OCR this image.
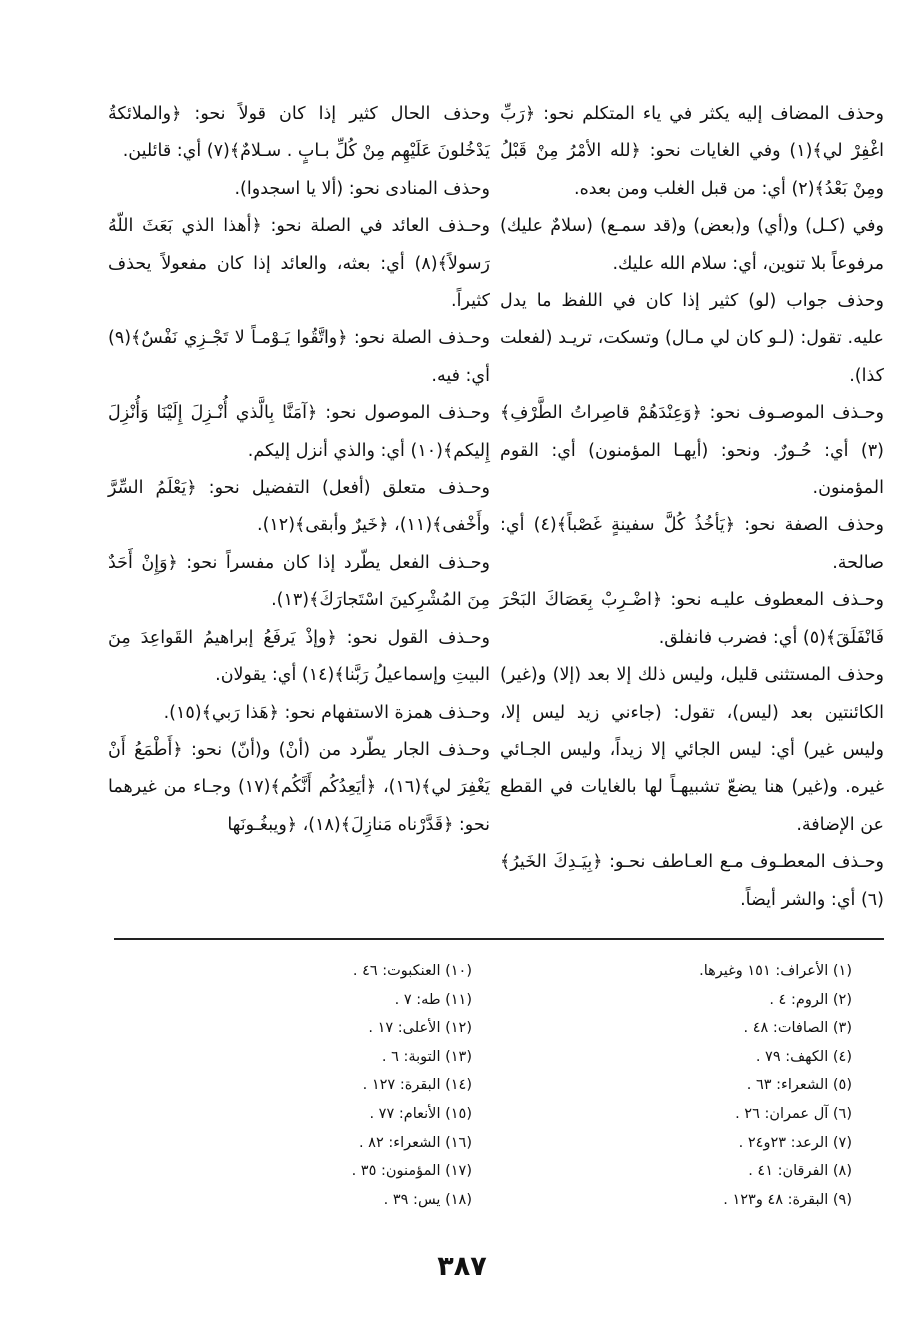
وحذف المضاف إليه يكثر في ياء المتكلم نحو: ﴿رَبِّ اغْفِرْ لي﴾(١) وفي الغايات نحو: ﴿لله الأمْرُ مِنْ قَبْلُ ومِنْ بَعْدُ﴾(٢) أي: من قبل الغلب ومن بعده.

وفي (كـل) و(أي) و(بعض) و(قد سمـع) (سلامٌ عليك) مرفوعاً بلا تنوين، أي: سلام الله عليك.

وحذف جواب (لو) كثير إذا كان في اللفظ ما يدل عليه. تقول: (لـو كان لي مـال) وتسكت، تريـد (لفعلت كذا).

وحـذف الموصـوف نحو: ﴿وَعِنْدَهُمْ قاصِراتُ الطَّرْفِ﴾(٣) أي: حُـورٌ. ونحو: (أيهـا المؤمنون) أي: القوم المؤمنون.

وحذف الصفة نحو: ﴿يَأخُذُ كُلَّ سفينةٍ غَصْباً﴾(٤) أي: صالحة.

وحـذف المعطوف عليـه نحو: ﴿اضْـرِبْ بِعَصَاكَ البَحْرَ فَانْفَلَقَ﴾(٥) أي: فضرب فانفلق.

وحذف المستثنى قليل، وليس ذلك إلا بعد (إلا) و(غير) الكائنتين بعد (ليس)، تقول: (جاءني زيد ليس إلا، وليس غير) أي: ليس الجائي إلا زيداً، وليس الجـائي غيره. و(غير) هنا يضعّ تشبيهـاً لها بالغايات في القطع عن الإضافة.

وحـذف المعطـوف مـع العـاطف نحـو: ﴿بِيَـدِكَ الخَيرُ﴾(٦) أي: والشر أيضاً.

وحذف الحال كثير إذا كان قولاً نحو: ﴿والملائكةُ يَدْخُلونَ عَلَيْهِم مِنْ كُلِّ بـابٍ . سـلامٌ﴾(٧) أي: قائلين.

وحذف المنادى نحو: (ألا يا اسجدوا).

وحـذف العائد في الصلة نحو: ﴿أهذا الذي بَعَثَ اللّهُ رَسولاً﴾(٨) أي: بعثه، والعائد إذا كان مفعولاً يحذف كثيراً.

وحـذف الصلة نحو: ﴿واتَّقُوا يَـوْمـاً لا تَجْـزِي نَفْسٌ﴾(٩) أي: فيه.

وحـذف الموصول نحو: ﴿آمَنَّا بِالَّذي أُنْـزِلَ إِلَيْنَا وَأُنْزِلَ إِليكم﴾(١٠) أي: والذي أنزل إليكم.

وحـذف متعلق (أفعل) التفضيل نحو: ﴿يَعْلَمُ السِّرَّ وأَخْفى﴾(١١)، ﴿خَيرٌ وأبقى﴾(١٢).

وحـذف الفعل يطّرد إذا كان مفسراً نحو: ﴿وَإِنْ أَحَدٌ مِنَ المُشْرِكينَ اسْتَجارَكَ﴾(١٣).

وحـذف القول نحو: ﴿وإذْ يَرفَعُ إبراهيمُ القَواعِدَ مِنَ البيتِ وإسماعيلُ رَبَّنا﴾(١٤) أي: يقولان.

وحـذف همزة الاستفهام نحو: ﴿هَذا رَبي﴾(١٥).

وحـذف الجار يطّرد من (أنْ) و(أنّ) نحو: ﴿أَطْمَعُ أَنْ يَغْفِرَ لي﴾(١٦)، ﴿أيَعِدُكُم أَنَّكُم﴾(١٧) وجـاء من غيرهما نحو: ﴿قَدَّرْناه مَنازِلَ﴾(١٨)، ﴿ويبغُـونَها

(١) الأعراف: ١٥١ وغيرها.

(٢) الروم: ٤ .

(٣) الصافات: ٤٨ .

(٤) الكهف: ٧٩ .

(٥) الشعراء: ٦٣ .

(٦) آل عمران: ٢٦ .

(٧) الرعد: ٢٣و٢٤ .

(٨) الفرقان: ٤١ .

(٩) البقرة: ٤٨ و١٢٣ .

(١٠) العنكبوت: ٤٦ .

(١١) طه: ٧ .

(١٢) الأعلى: ١٧ .

(١٣) التوبة: ٦ .

(١٤) البقرة: ١٢٧ .

(١٥) الأنعام: ٧٧ .

(١٦) الشعراء: ٨٢ .

(١٧) المؤمنون: ٣٥ .

(١٨) يس: ٣٩ .

٣٨٧
